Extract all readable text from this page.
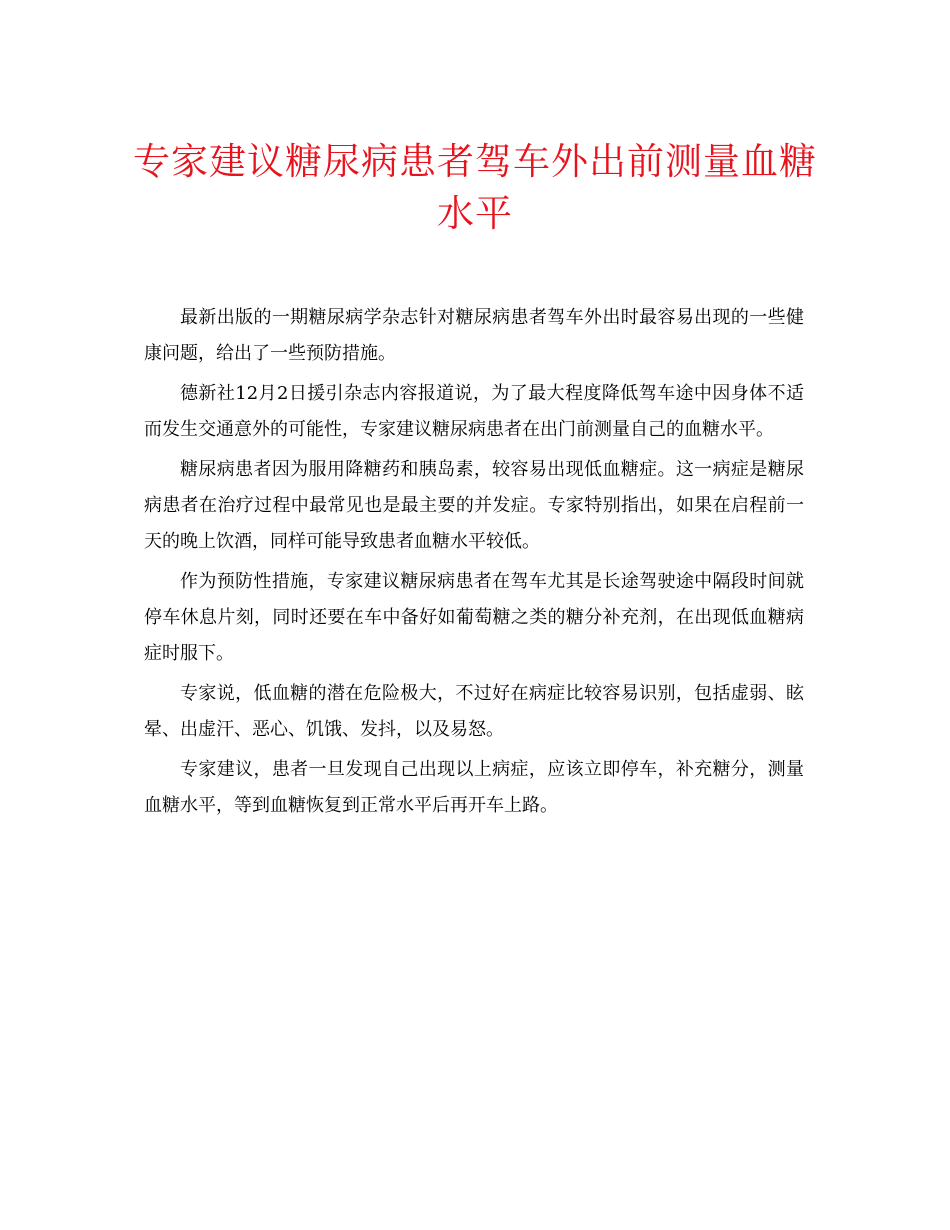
专家建议糖尿病患者驾车外出前测量血糖水平

最新出版的一期糖尿病学杂志针对糖尿病患者驾车外出时最容易出现的一些健康问题，给出了一些预防措施。

德新社12月2日援引杂志内容报道说，为了最大程度降低驾车途中因身体不适而发生交通意外的可能性，专家建议糖尿病患者在出门前测量自己的血糖水平。

糖尿病患者因为服用降糖药和胰岛素，较容易出现低血糖症。这一病症是糖尿病患者在治疗过程中最常见也是最主要的并发症。专家特别指出，如果在启程前一天的晚上饮酒，同样可能导致患者血糖水平较低。

作为预防性措施，专家建议糖尿病患者在驾车尤其是长途驾驶途中隔段时间就停车休息片刻，同时还要在车中备好如葡萄糖之类的糖分补充剂，在出现低血糖病症时服下。

专家说，低血糖的潜在危险极大，不过好在病症比较容易识别，包括虚弱、眩晕、出虚汗、恶心、饥饿、发抖，以及易怒。

专家建议，患者一旦发现自己出现以上病症，应该立即停车，补充糖分，测量血糖水平，等到血糖恢复到正常水平后再开车上路。
